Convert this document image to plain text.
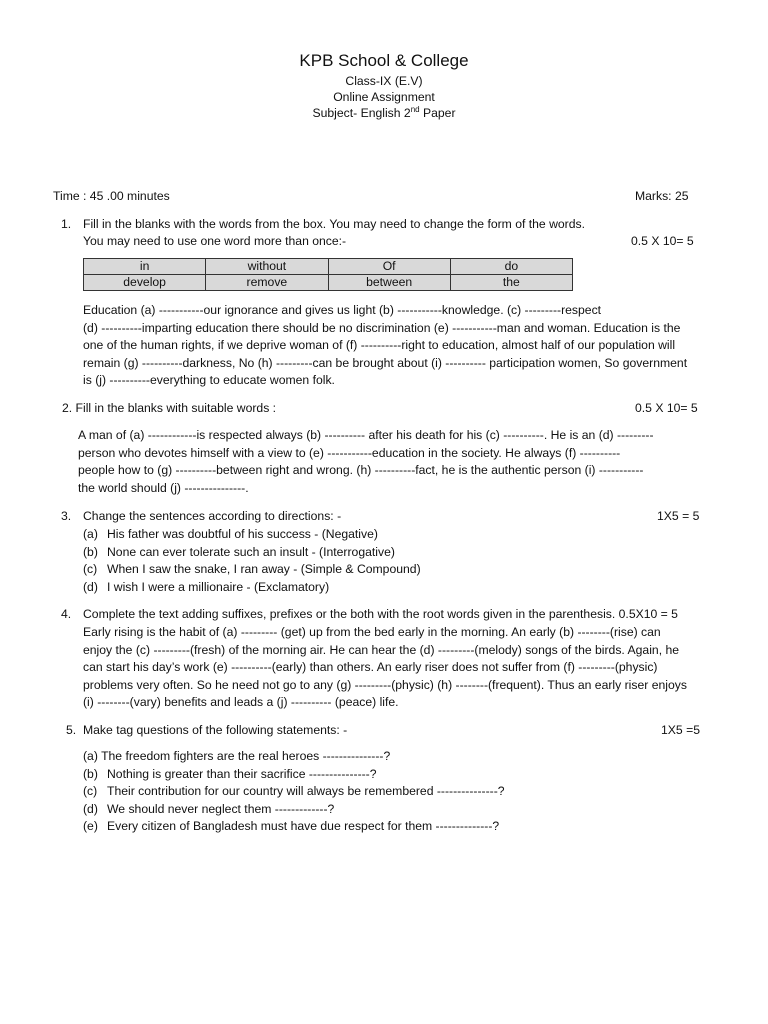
KPB School & College
Class-IX (E.V)
Online Assignment
Subject- English 2nd Paper
Time : 45 .00 minutes	Marks: 25
1. Fill in the blanks with the words from the box. You may need to change the form of the words.
You may need to use one word more than once:-	0.5 X 10= 5
in	without	Of	do
develop	remove	between	the
Education (a) -----------our ignorance and gives us light (b) -----------knowledge. (c) ---------respect
(d) ----------imparting education there should be no discrimination (e) -----------man and woman. Education is the
one of the human rights, if we deprive woman of (f) ----------right to education, almost half of our population will
remain (g) ----------darkness, No (h) ---------can be brought about (i) ---------- participation women, So government
is (j) ----------everything to educate women folk.
2. Fill in the blanks with suitable words :	0.5 X 10= 5
A man of (a) ------------is respected always (b) ---------- after his death for his (c) ----------. He is an (d) ---------
person who devotes himself with a view to (e) -----------education in the society. He always (f) ----------
people how to (g) ----------between right and wrong. (h) ----------fact, he is the authentic person (i) -----------
the world should (j) ---------------.
3. Change the sentences according to directions: -	1X5 = 5
(a) His father was doubtful of his success - (Negative)
(b) None can ever tolerate such an insult - (Interrogative)
(c) When I saw the snake, I ran away - (Simple & Compound)
(d) I wish I were a millionaire - (Exclamatory)
4. Complete the text adding suffixes, prefixes or the both with the root words given in the parenthesis. 0.5X10 = 5
Early rising is the habit of (a) --------- (get) up from the bed early in the morning. An early (b) --------(rise) can
enjoy the (c) ---------(fresh) of the morning air. He can hear the (d) ---------(melody) songs of the birds. Again, he
can start his day’s work (e) ----------(early) than others. An early riser does not suffer from (f) ---------(physic)
problems very often. So he need not go to any (g) ---------(physic) (h) --------(frequent). Thus an early riser enjoys
(i) --------(vary) benefits and leads a (j) ---------- (peace) life.
5. Make tag questions of the following statements: -	1X5 =5
(a) The freedom fighters are the real heroes ---------------?
(b) Nothing is greater than their sacrifice ---------------?
(c) Their contribution for our country will always be remembered ---------------?
(d) We should never neglect them -------------?
(e) Every citizen of Bangladesh must have due respect for them --------------?
